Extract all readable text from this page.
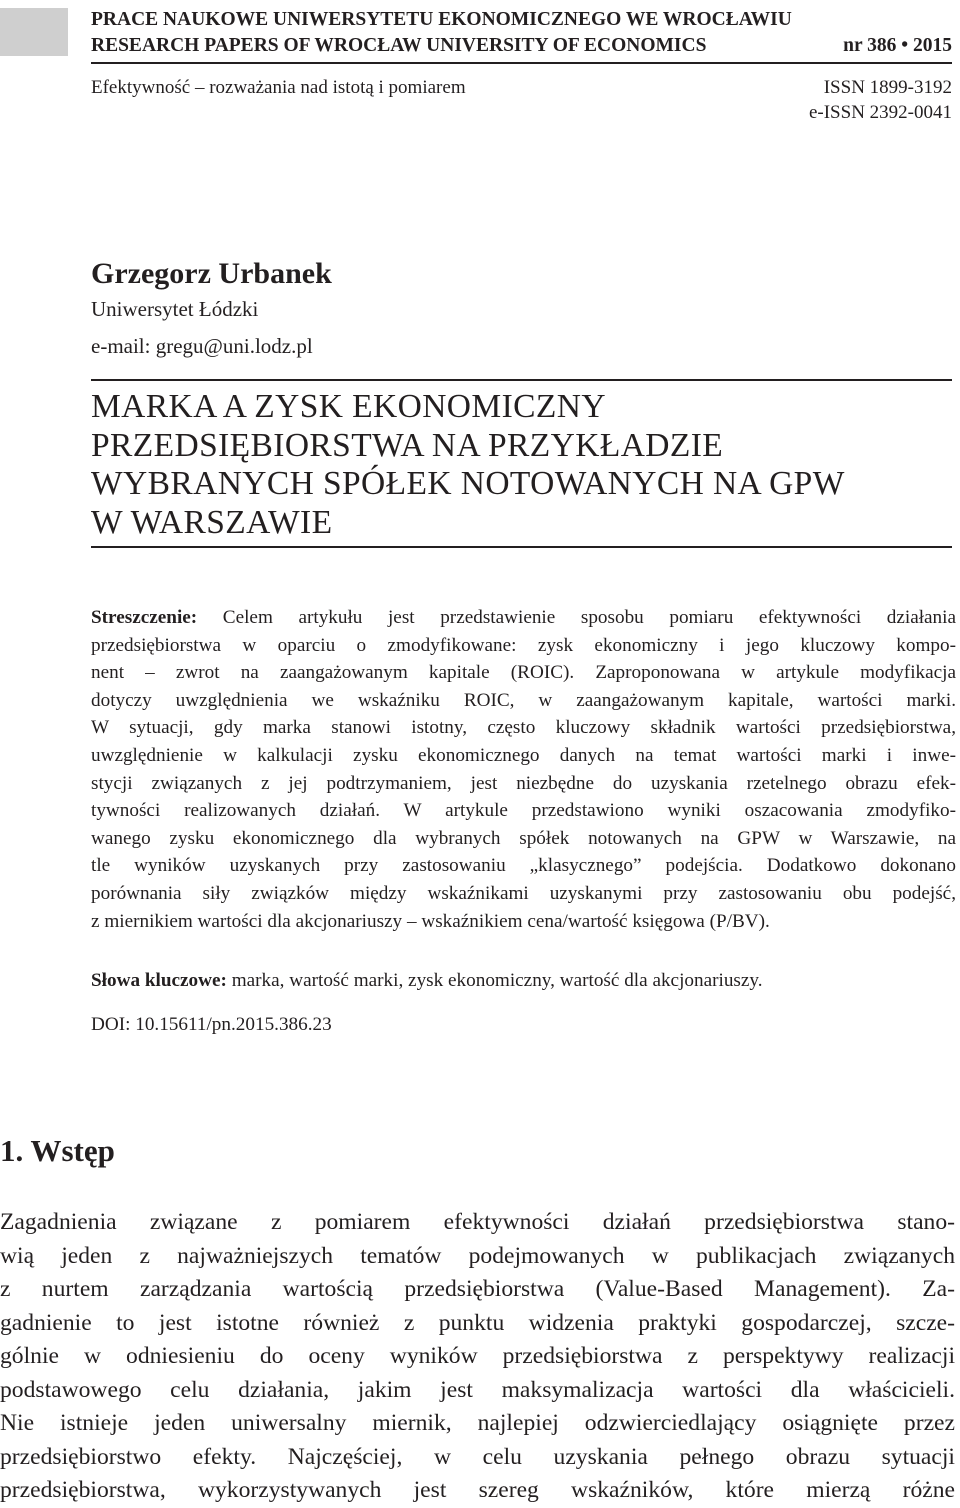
PRACE NAUKOWE UNIWERSYTETU EKONOMICZNEGO WE WROCŁAWIU
RESEARCH PAPERS OF WROCŁAW UNIVERSITY OF ECONOMICS	nr 386 • 2015
Efektywność – rozważania nad istotą i pomiarem	ISSN 1899-3192
e-ISSN 2392-0041
Grzegorz Urbanek
Uniwersytet Łódzki
e-mail: gregu@uni.lodz.pl
MARKA A ZYSK EKONOMICZNY
PRZEDSIĘBIORSTWA NA PRZYKŁADZIE
WYBRANYCH SPÓŁEK NOTOWANYCH NA GPW
W WARSZAWIE
Streszczenie: Celem artykułu jest przedstawienie sposobu pomiaru efektywności działania
przedsiębiorstwa w oparciu o zmodyfikowane: zysk ekonomiczny i jego kluczowy kompo-
nent – zwrot na zaangażowanym kapitale (ROIC). Zaproponowana w artykule modyfikacja
dotyczy uwzględnienia we wskaźniku ROIC, w zaangażowanym kapitale, wartości marki.
W sytuacji, gdy marka stanowi istotny, często kluczowy składnik wartości przedsiębiorstwa,
uwzględnienie w kalkulacji zysku ekonomicznego danych na temat wartości marki i inwe-
stycji związanych z jej podtrzymaniem, jest niezbędne do uzyskania rzetelnego obrazu efek-
tywności realizowanych działań. W artykule przedstawiono wyniki oszacowania zmodyfiko-
wanego zysku ekonomicznego dla wybranych spółek notowanych na GPW w Warszawie, na
tle wyników uzyskanych przy zastosowaniu „klasycznego” podejścia. Dodatkowo dokonano
porównania siły związków między wskaźnikami uzyskanymi przy zastosowaniu obu podejść,
z miernikiem wartości dla akcjonariuszy – wskaźnikiem cena/wartość księgowa (P/BV).
Słowa kluczowe: marka, wartość marki, zysk ekonomiczny, wartość dla akcjonariuszy.
DOI: 10.15611/pn.2015.386.23
1. Wstęp
Zagadnienia związane z pomiarem efektywności działań przedsiębiorstwa stano-
wią jeden z najważniejszych tematów podejmowanych w publikacjach związanych
z nurtem zarządzania wartością przedsiębiorstwa (Value-Based Management). Za-
gadnienie to jest istotne również z punktu widzenia praktyki gospodarczej, szcze-
gólnie w odniesieniu do oceny wyników przedsiębiorstwa z perspektywy realizacji
podstawowego celu działania, jakim jest maksymalizacja wartości dla właścicieli.
Nie istnieje jeden uniwersalny miernik, najlepiej odzwierciedlający osiągnięte przez
przedsiębiorstwo efekty. Najczęściej, w celu uzyskania pełnego obrazu sytuacji
przedsiębiorstwa, wykorzystywanych jest szereg wskaźników, które mierzą różne
